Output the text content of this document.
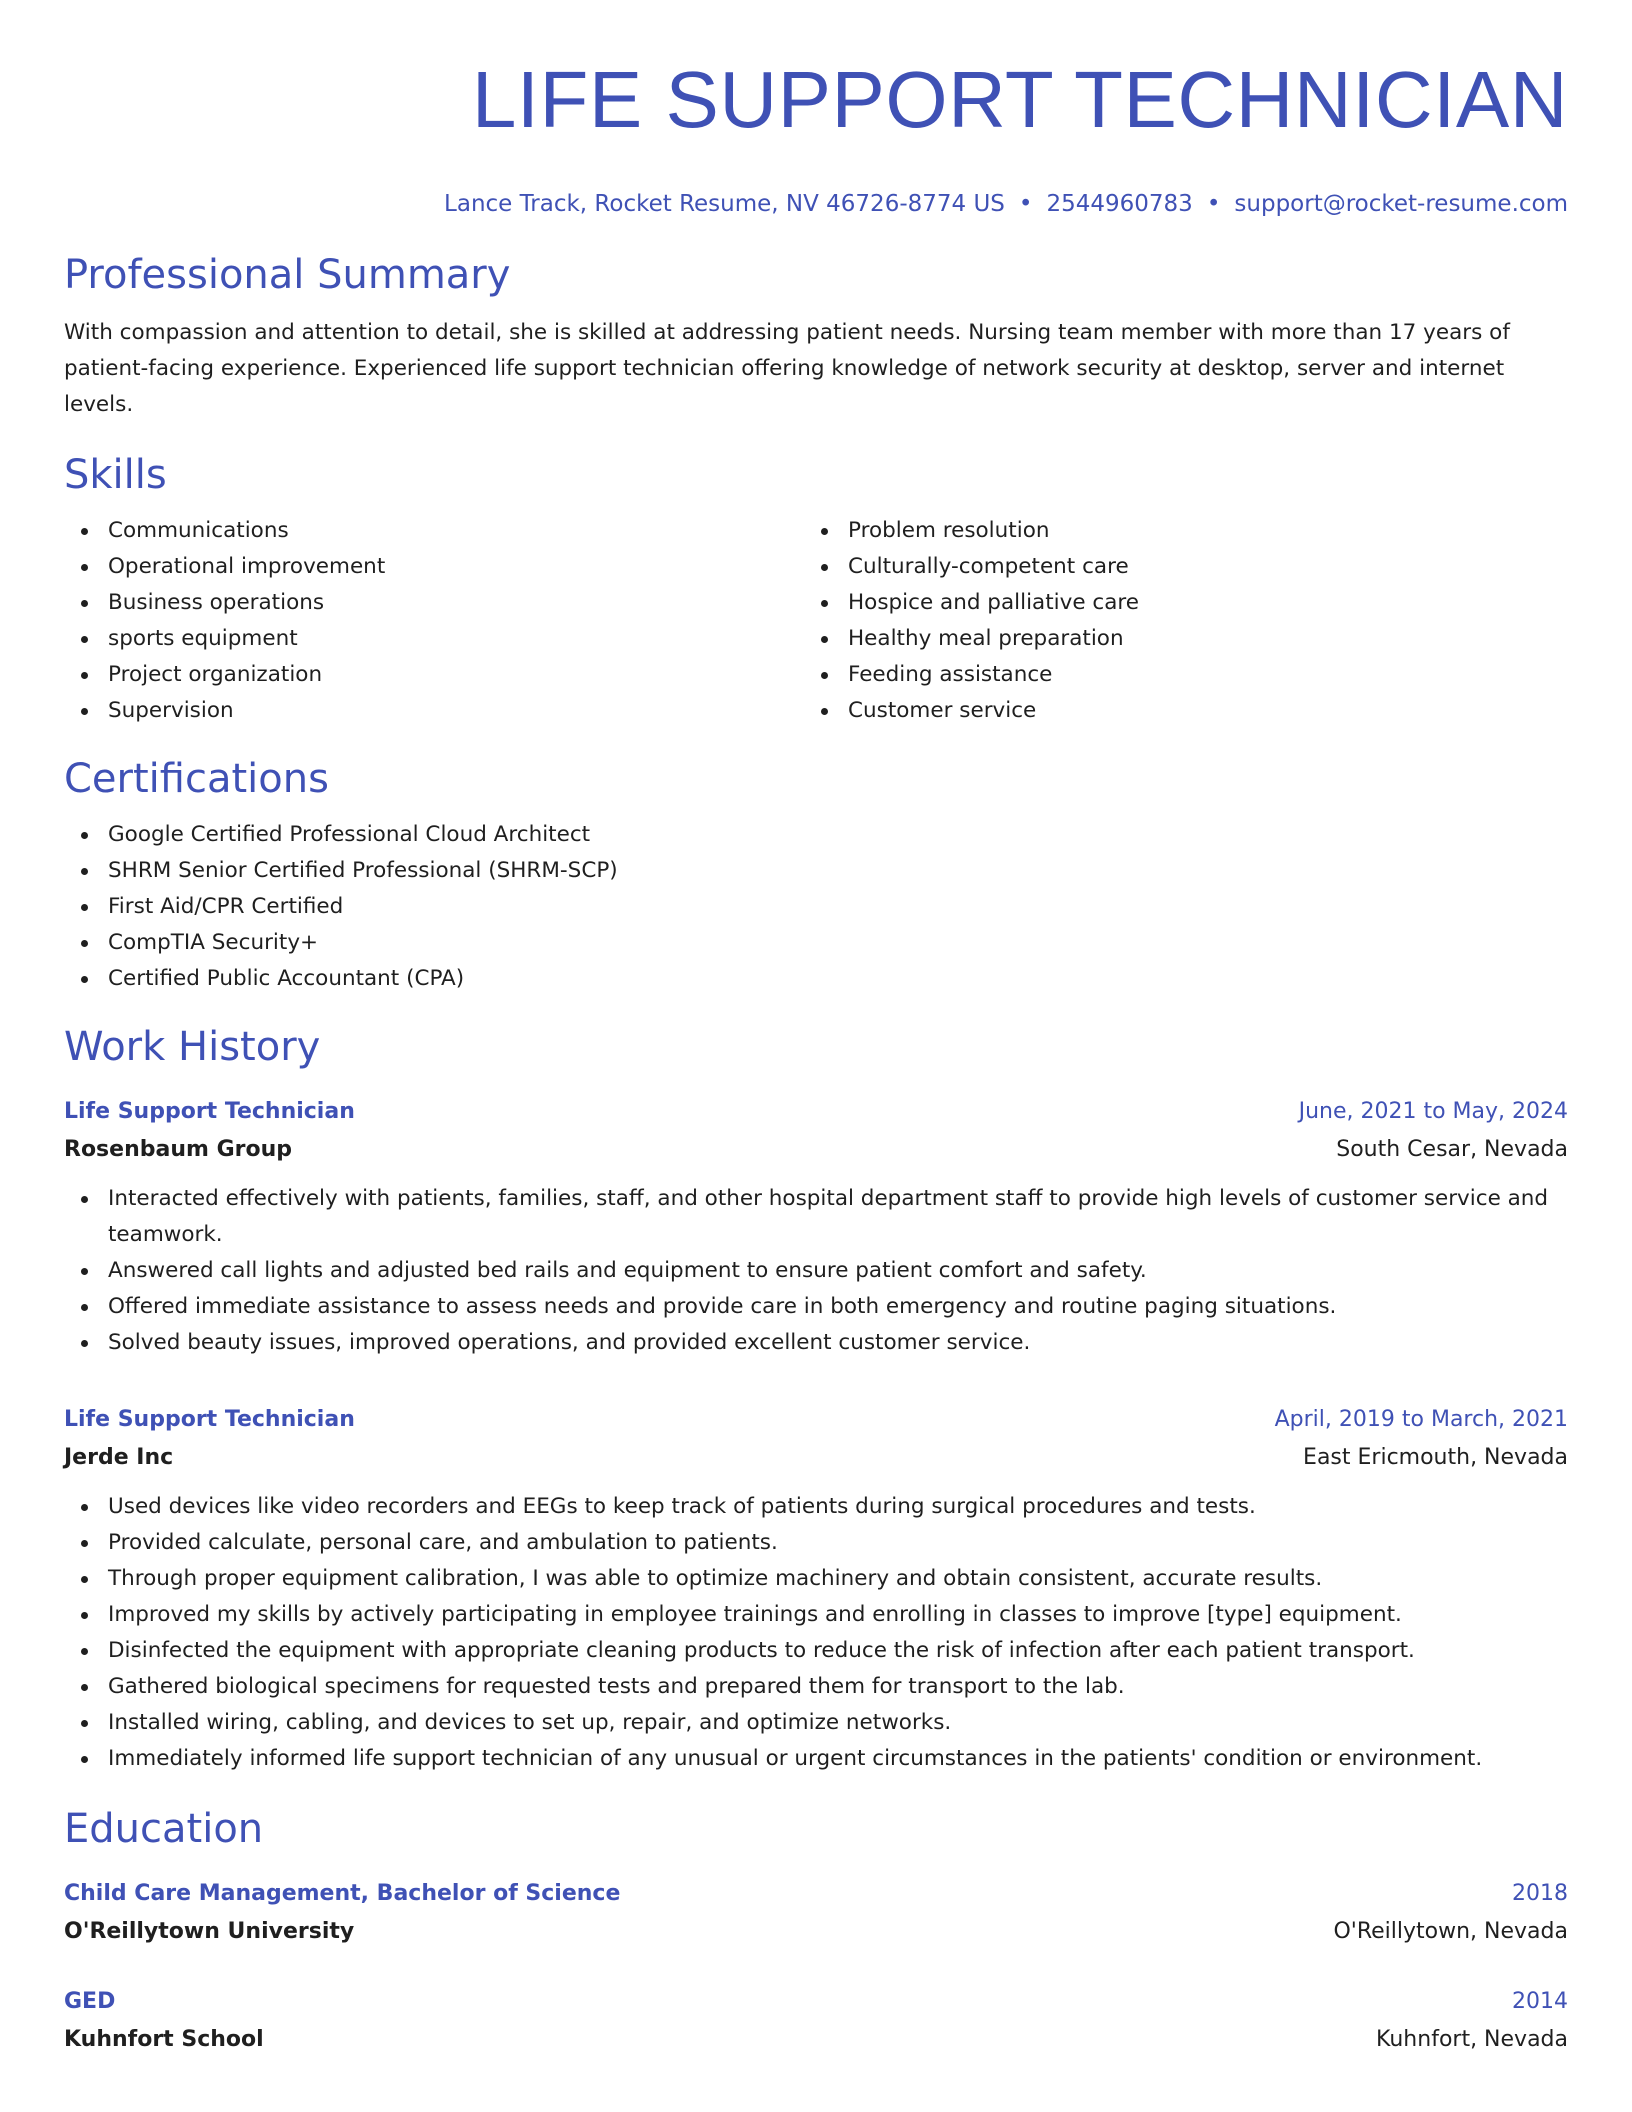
LIFE SUPPORT TECHNICIAN
Lance Track, Rocket Resume, NV 46726-8774 US • 2544960783 • support@rocket-resume.com
Professional Summary

With compassion and attention to detail, she is skilled at addressing patient needs. Nursing team member with more than 17 years of patient-facing experience. Experienced life support technician offering knowledge of network security at desktop, server and internet levels.

Skills
Communications
Operational improvement
Business operations
sports equipment
Project organization
Supervision
Problem resolution
Culturally-competent care
Hospice and palliative care
Healthy meal preparation
Feeding assistance
Customer service
Certifications
Google Certified Professional Cloud Architect
SHRM Senior Certified Professional (SHRM-SCP)
First Aid/CPR Certified
CompTIA Security+
Certified Public Accountant (CPA)
Work History
Life Support Technician	June, 2021 to May, 2024
Rosenbaum Group	South Cesar, Nevada
Interacted effectively with patients, families, staff, and other hospital department staff to provide high levels of customer service and teamwork.
Answered call lights and adjusted bed rails and equipment to ensure patient comfort and safety.
Offered immediate assistance to assess needs and provide care in both emergency and routine paging situations.
Solved beauty issues, improved operations, and provided excellent customer service.
Life Support Technician	April, 2019 to March, 2021
Jerde Inc	East Ericmouth, Nevada
Used devices like video recorders and EEGs to keep track of patients during surgical procedures and tests.
Provided calculate, personal care, and ambulation to patients.
Through proper equipment calibration, I was able to optimize machinery and obtain consistent, accurate results.
Improved my skills by actively participating in employee trainings and enrolling in classes to improve [type] equipment.
Disinfected the equipment with appropriate cleaning products to reduce the risk of infection after each patient transport.
Gathered biological specimens for requested tests and prepared them for transport to the lab.
Installed wiring, cabling, and devices to set up, repair, and optimize networks.
Immediately informed life support technician of any unusual or urgent circumstances in the patients' condition or environment.
Education
Child Care Management, Bachelor of Science	2018
O'Reillytown University	O'Reillytown, Nevada
GED	2014
Kuhnfort School	Kuhnfort, Nevada
